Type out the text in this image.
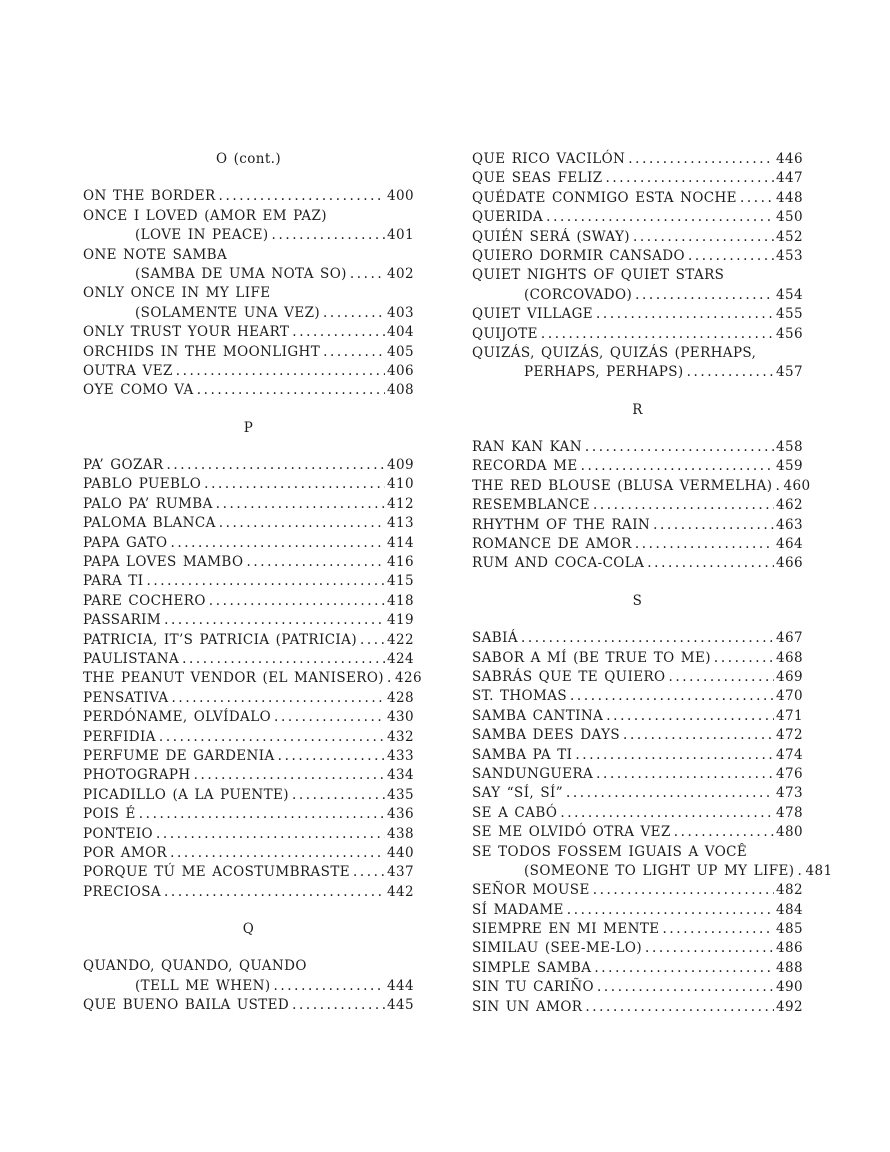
O (cont.)
ON THE BORDER .....	400
ONCE I LOVED (AMOR EM PAZ)
(LOVE IN PEACE) .....	401
ONE NOTE SAMBA
(SAMBA DE UMA NOTA SO) .....	402
ONLY ONCE IN MY LIFE
(SOLAMENTE UNA VEZ) .....	403
ONLY TRUST YOUR HEART .....	404
ORCHIDS IN THE MOONLIGHT .....	405
OUTRA VEZ .....	406
OYE COMO VA .....	408
P
PA’ GOZAR .....	409
PABLO PUEBLO .....	410
PALO PA’ RUMBA .....	412
PALOMA BLANCA .....	413
PAPA GATO .....	414
PAPA LOVES MAMBO .....	416
PARA TI .....	415
PARE COCHERO .....	418
PASSARIM .....	419
PATRICIA, IT’S PATRICIA (PATRICIA) ..... 422
PAULISTANA .....	424
THE PEANUT VENDOR (EL MANISERO) ..... 426
PENSATIVA .....	428
PERDÓNAME, OLVÍDALO .....	430
PERFIDIA .....	432
PERFUME DE GARDENIA .....	433
PHOTOGRAPH .....	434
PICADILLO (A LA PUENTE) .....	435
POIS É .....	436
PONTEIO .....	438
POR AMOR .....	440
PORQUE TÚ ME ACOSTUMBRASTE .....	437
PRECIOSA .....	442
Q
QUANDO, QUANDO, QUANDO
(TELL ME WHEN) .....	444
QUE BUENO BAILA USTED .....	445
QUE RICO VACILÓN .....	446
QUE SEAS FELIZ .....	447
QUÉDATE CONMIGO ESTA NOCHE .....	448
QUERIDA .....	450
QUIÉN SERÁ (SWAY) .....	452
QUIERO DORMIR CANSADO .....	453
QUIET NIGHTS OF QUIET STARS
(CORCOVADO) .....	454
QUIET VILLAGE .....	455
QUIJOTE .....	456
QUIZÁS, QUIZÁS, QUIZÁS (PERHAPS,
PERHAPS, PERHAPS) .....	457
R
RAN KAN KAN .....	458
RECORDA ME .....	459
THE RED BLOUSE (BLUSA VERMELHA) ..... 460
RESEMBLANCE .....	462
RHYTHM OF THE RAIN .....	463
ROMANCE DE AMOR .....	464
RUM AND COCA-COLA .....	466
S
SABIÁ .....	467
SABOR A MÍ (BE TRUE TO ME) .....	468
SABRÁS QUE TE QUIERO .....	469
ST. THOMAS .....	470
SAMBA CANTINA .....	471
SAMBA DEES DAYS .....	472
SAMBA PA TI .....	474
SANDUNGUERA .....	476
SAY “SÍ, SÍ” .....	473
SE A CABÓ .....	478
SE ME OLVIDÓ OTRA VEZ .....	480
SE TODOS FOSSEM IGUAIS A VOCÊ
(SOMEONE TO LIGHT UP MY LIFE) ..... 481
SEÑOR MOUSE .....	482
SÍ MADAME .....	484
SIEMPRE EN MI MENTE .....	485
SIMILAU (SEE-ME-LO) .....	486
SIMPLE SAMBA .....	488
SIN TU CARIÑO .....	490
SIN UN AMOR .....	492
